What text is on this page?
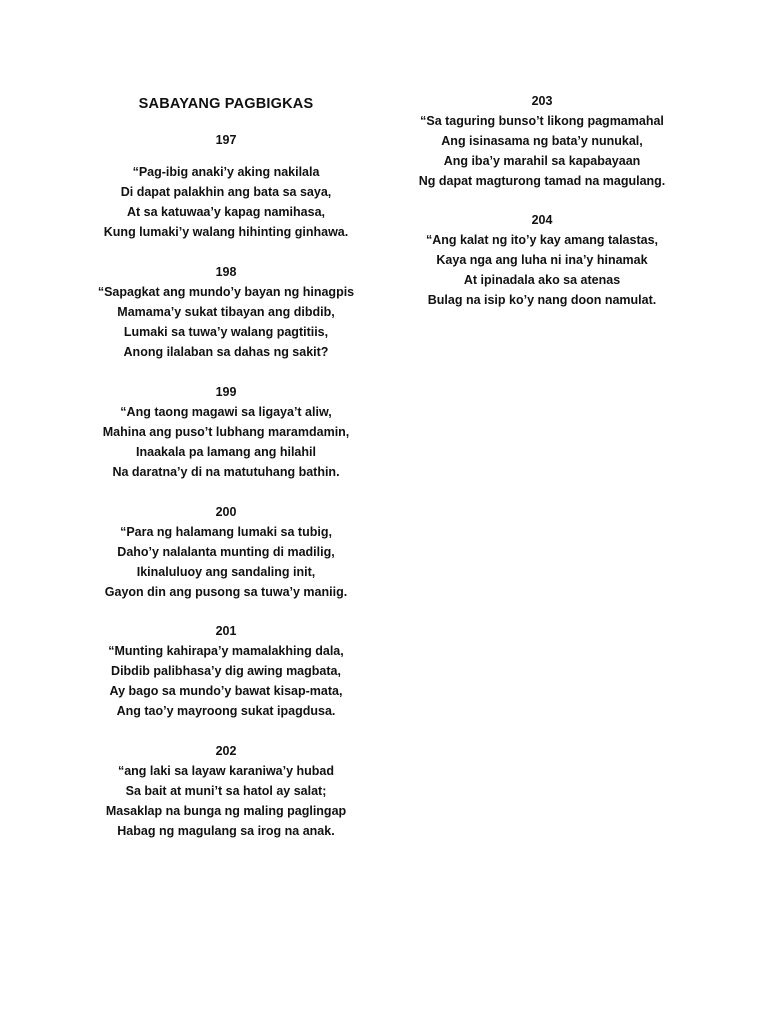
SABAYANG PAGBIGKAS
197
“Pag-ibig anaki’y aking nakilala
Di dapat palakhin ang bata sa saya,
At sa katuwaa’y kapag namihasa,
Kung lumaki’y walang hihinting ginhawa.
198
“Sapagkat ang mundo’y bayan ng hinagpis
Mamama’y sukat tibayan ang dibdib,
Lumaki sa tuwa’y walang pagtitiis,
Anong ilalaban sa dahas ng sakit?
199
“Ang taong magawi sa ligaya’t aliw,
Mahina ang puso’t lubhang maramdamin,
Inaakala pa lamang ang hilahil
Na daratna’y di na matutuhang bathin.
200
“Para ng halamang lumaki sa tubig,
Daho’y nalalanta munting di madilig,
Ikinaluluoy ang sandaling init,
Gayon din ang pusong sa tuwa’y maniig.
201
“Munting kahirapa’y mamalakhing dala,
Dibdib palibhasa’y dig awing magbata,
Ay bago sa mundo’y bawat kisap-mata,
Ang tao’y mayroong sukat ipagdusa.
202
“ang laki sa layaw karaniwa’y hubad
Sa bait at muni’t sa hatol ay salat;
Masaklap na bunga ng maling paglingap
Habag ng magulang sa irog na anak.
203
“Sa taguring bunso’t likong pagmamahal
Ang isinasama ng bata’y nunukal,
Ang iba’y marahil sa kapabayaan
Ng dapat magturong tamad na magulang.
204
“Ang kalat ng ito’y kay amang talastas,
Kaya nga ang luha ni ina’y hinamak
At ipinadala ako sa atenas
Bulag na isip ko’y nang doon namulat.
